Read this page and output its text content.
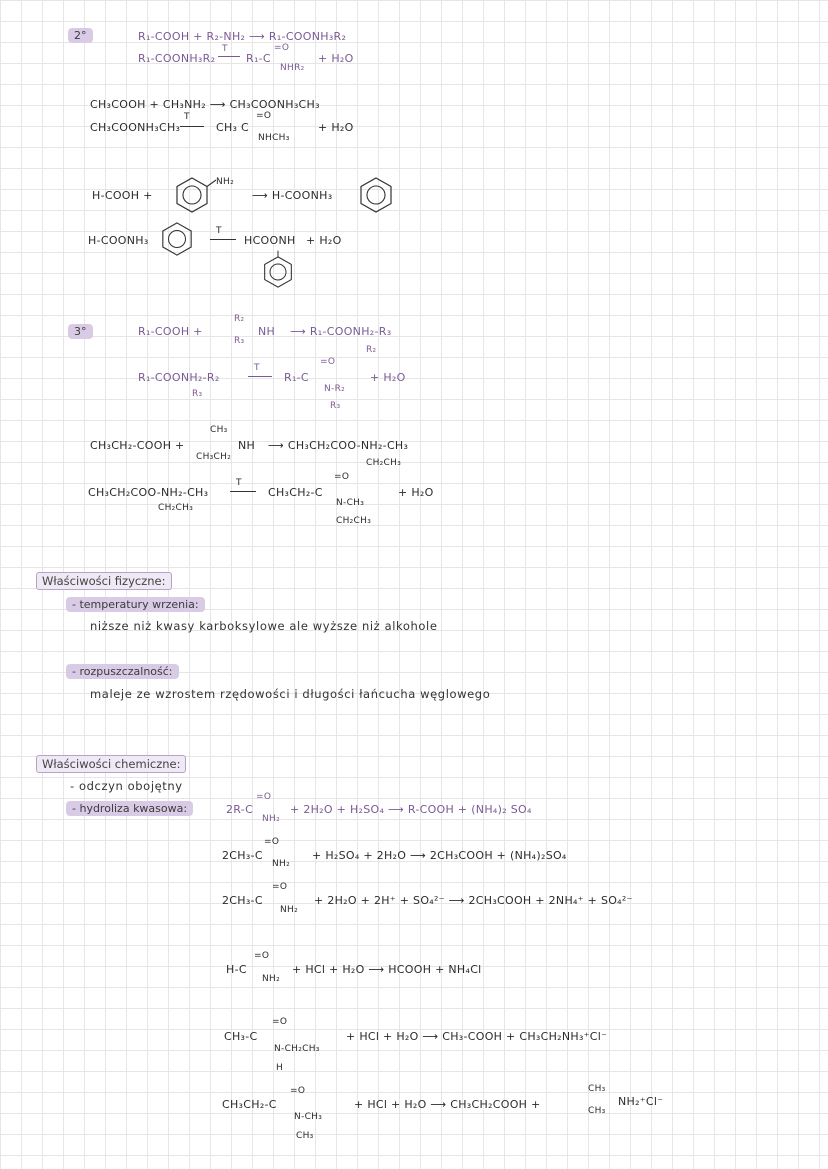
2°	R₁-COOH + R₂-NH₂ ⟶ R₁-COONH₃R₂
R₁-COONH₃R₂
T
R₁-C
=O
NHR₂
+ H₂O
CH₃COOH + CH₃NH₂ ⟶ CH₃COONH₃CH₃
CH₃COONH₃CH₃
T
CH₃ C
=O
NHCH₃
+ H₂O
H-COOH +
NH₂
⟶ H-COONH₃
H-COONH₃
T
HCOONH + H₂O
3°	R₁-COOH +
R₂
NH
R₃
⟶ R₁-COONH₂-R₃
R₂
R₁-COONH₂-R₂
R₃
T
R₁-C
=O
N-R₂
R₃
+ H₂O
CH₃CH₂-COOH +
CH₃
NH
CH₃CH₂
⟶ CH₃CH₂COO-NH₂-CH₃
CH₂CH₃
CH₃CH₂COO-NH₂-CH₃
CH₂CH₃
T
CH₃CH₂-C
=O
N-CH₃
CH₂CH₃
+ H₂O
Właściwości fizyczne:
- temperatury wrzenia:
niższe niż kwasy karboksylowe ale wyższe niż alkohole
- rozpuszczalność:
maleje ze wzrostem rzędowości i długości łańcucha węglowego
Właściwości chemiczne:
- odczyn obojętny
- hydroliza kwasowa:	2R-C
=O
NH₂
+ 2H₂O + H₂SO₄ ⟶ R-COOH + (NH₄)₂ SO₄
2CH₃-C
=O
NH₂
+ H₂SO₄ + 2H₂O ⟶ 2CH₃COOH + (NH₄)₂SO₄
2CH₃-C
=O
NH₂
+ 2H₂O + 2H⁺ + SO₄²⁻ ⟶ 2CH₃COOH + 2NH₄⁺ + SO₄²⁻
H-C
=O
NH₂
+ HCl + H₂O ⟶ HCOOH + NH₄Cl
CH₃-C
=O
N-CH₂CH₃
H
+ HCl + H₂O ⟶ CH₃-COOH + CH₃CH₂NH₃⁺Cl⁻
CH₃CH₂-C
=O
N-CH₃
CH₃
+ HCl + H₂O ⟶ CH₃CH₂COOH +
CH₃
CH₃
NH₂⁺Cl⁻
